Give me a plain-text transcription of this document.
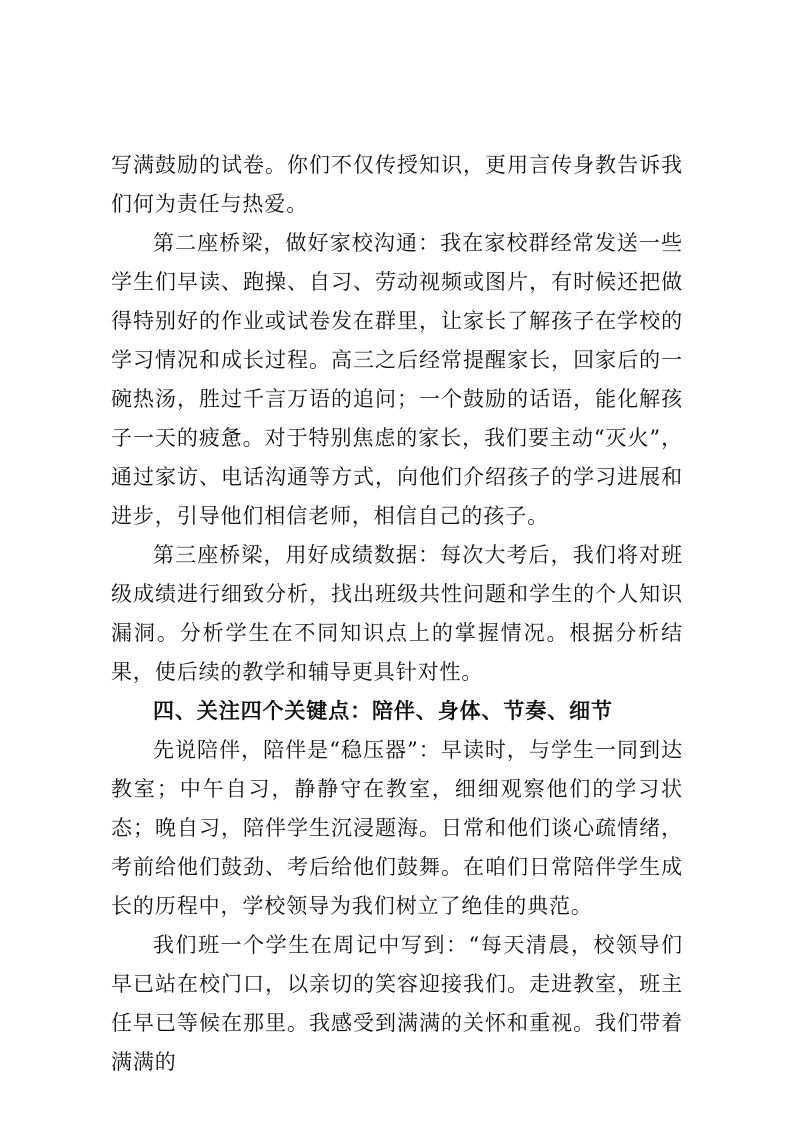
写满鼓励的试卷。你们不仅传授知识，更用言传身教告诉我们何为责任与热爱。

第二座桥梁，做好家校沟通：我在家校群经常发送一些学生们早读、跑操、自习、劳动视频或图片，有时候还把做得特别好的作业或试卷发在群里，让家长了解孩子在学校的学习情况和成长过程。高三之后经常提醒家长，回家后的一碗热汤，胜过千言万语的追问；一个鼓励的话语，能化解孩子一天的疲惫。对于特别焦虑的家长，我们要主动“灭火”，通过家访、电话沟通等方式，向他们介绍孩子的学习进展和进步，引导他们相信老师，相信自己的孩子。

第三座桥梁，用好成绩数据：每次大考后，我们将对班级成绩进行细致分析，找出班级共性问题和学生的个人知识漏洞。分析学生在不同知识点上的掌握情况。根据分析结果，使后续的教学和辅导更具针对性。

四、关注四个关键点：陪伴、身体、节奏、细节

先说陪伴，陪伴是“稳压器”：早读时，与学生一同到达教室；中午自习，静静守在教室，细细观察他们的学习状态；晚自习，陪伴学生沉浸题海。日常和他们谈心疏情绪，考前给他们鼓劲、考后给他们鼓舞。在咱们日常陪伴学生成长的历程中，学校领导为我们树立了绝佳的典范。

我们班一个学生在周记中写到：“每天清晨，校领导们早已站在校门口，以亲切的笑容迎接我们。走进教室，班主任早已等候在那里。我感受到满满的关怀和重视。我们带着满满的
